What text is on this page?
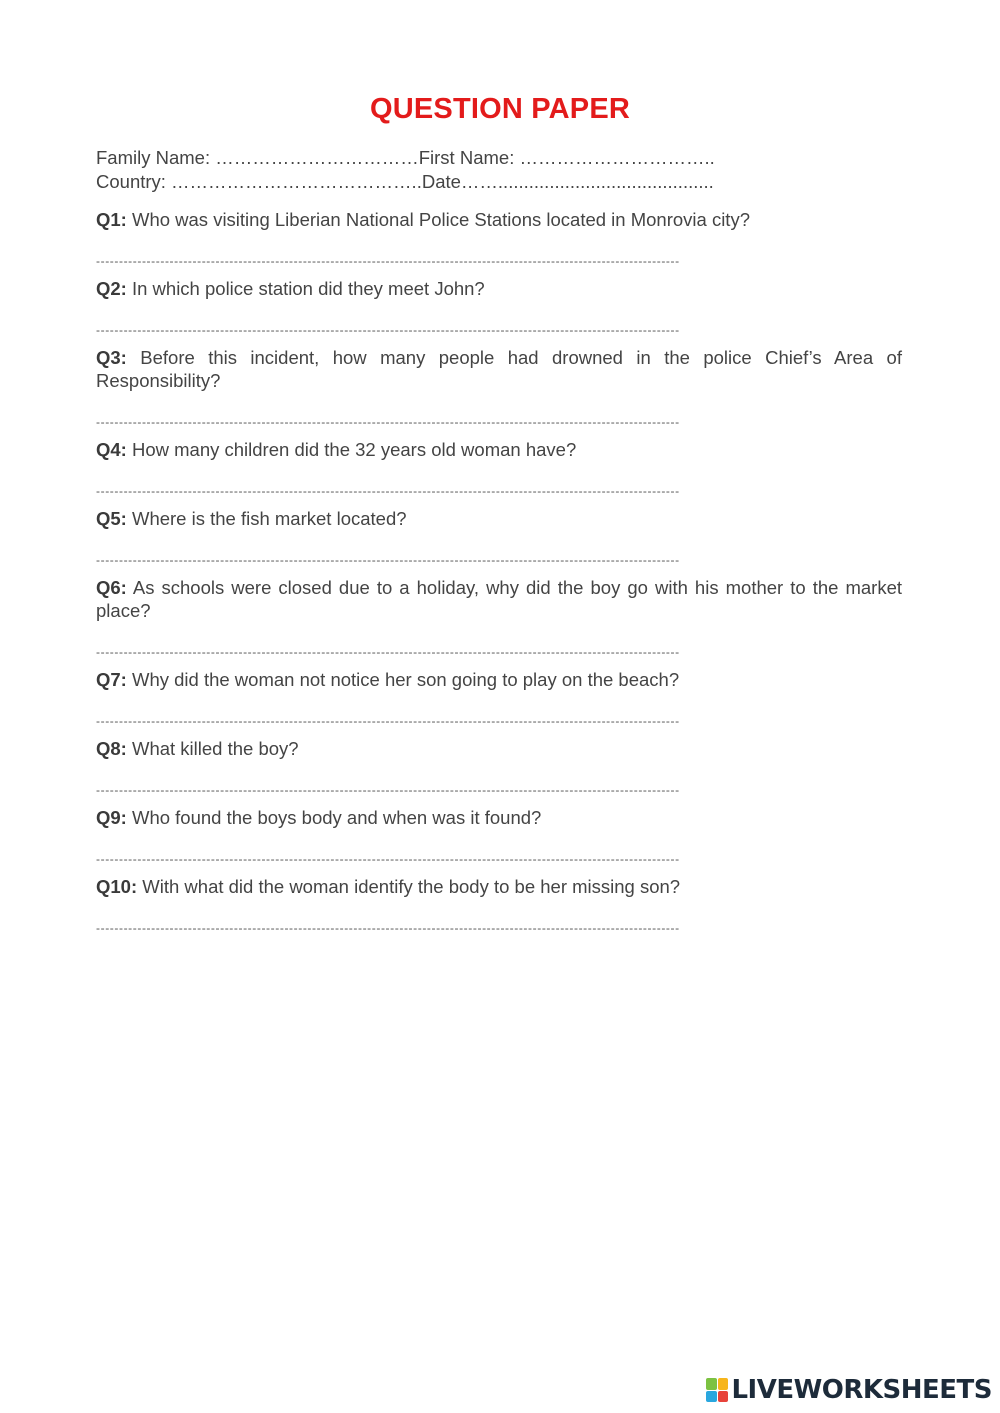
QUESTION PAPER
Family Name: ……………………………First Name: …………………………..
Country: …………………………………..Date……..........................................

Q1: Who was visiting Liberian National Police Stations located in Monrovia city?

-------------------------------------------------------------------------------------------------------------------------------

Q2: In which police station did they meet John?

-------------------------------------------------------------------------------------------------------------------------------

Q3: Before this incident, how many people had drowned in the police Chief’s Area of Responsibility?

-------------------------------------------------------------------------------------------------------------------------------

Q4: How many children did the 32 years old woman have?

-------------------------------------------------------------------------------------------------------------------------------

Q5: Where is the fish market located?

-------------------------------------------------------------------------------------------------------------------------------

Q6: As schools were closed due to a holiday, why did the boy go with his mother to the market place?

-------------------------------------------------------------------------------------------------------------------------------

Q7: Why did the woman not notice her son going to play on the beach?

-------------------------------------------------------------------------------------------------------------------------------

Q8: What killed the boy?

-------------------------------------------------------------------------------------------------------------------------------

Q9: Who found the boys body and when was it found?

-------------------------------------------------------------------------------------------------------------------------------

Q10: With what did the woman identify the body to be her missing son?

-------------------------------------------------------------------------------------------------------------------------------
LIVEWORKSHEETS
